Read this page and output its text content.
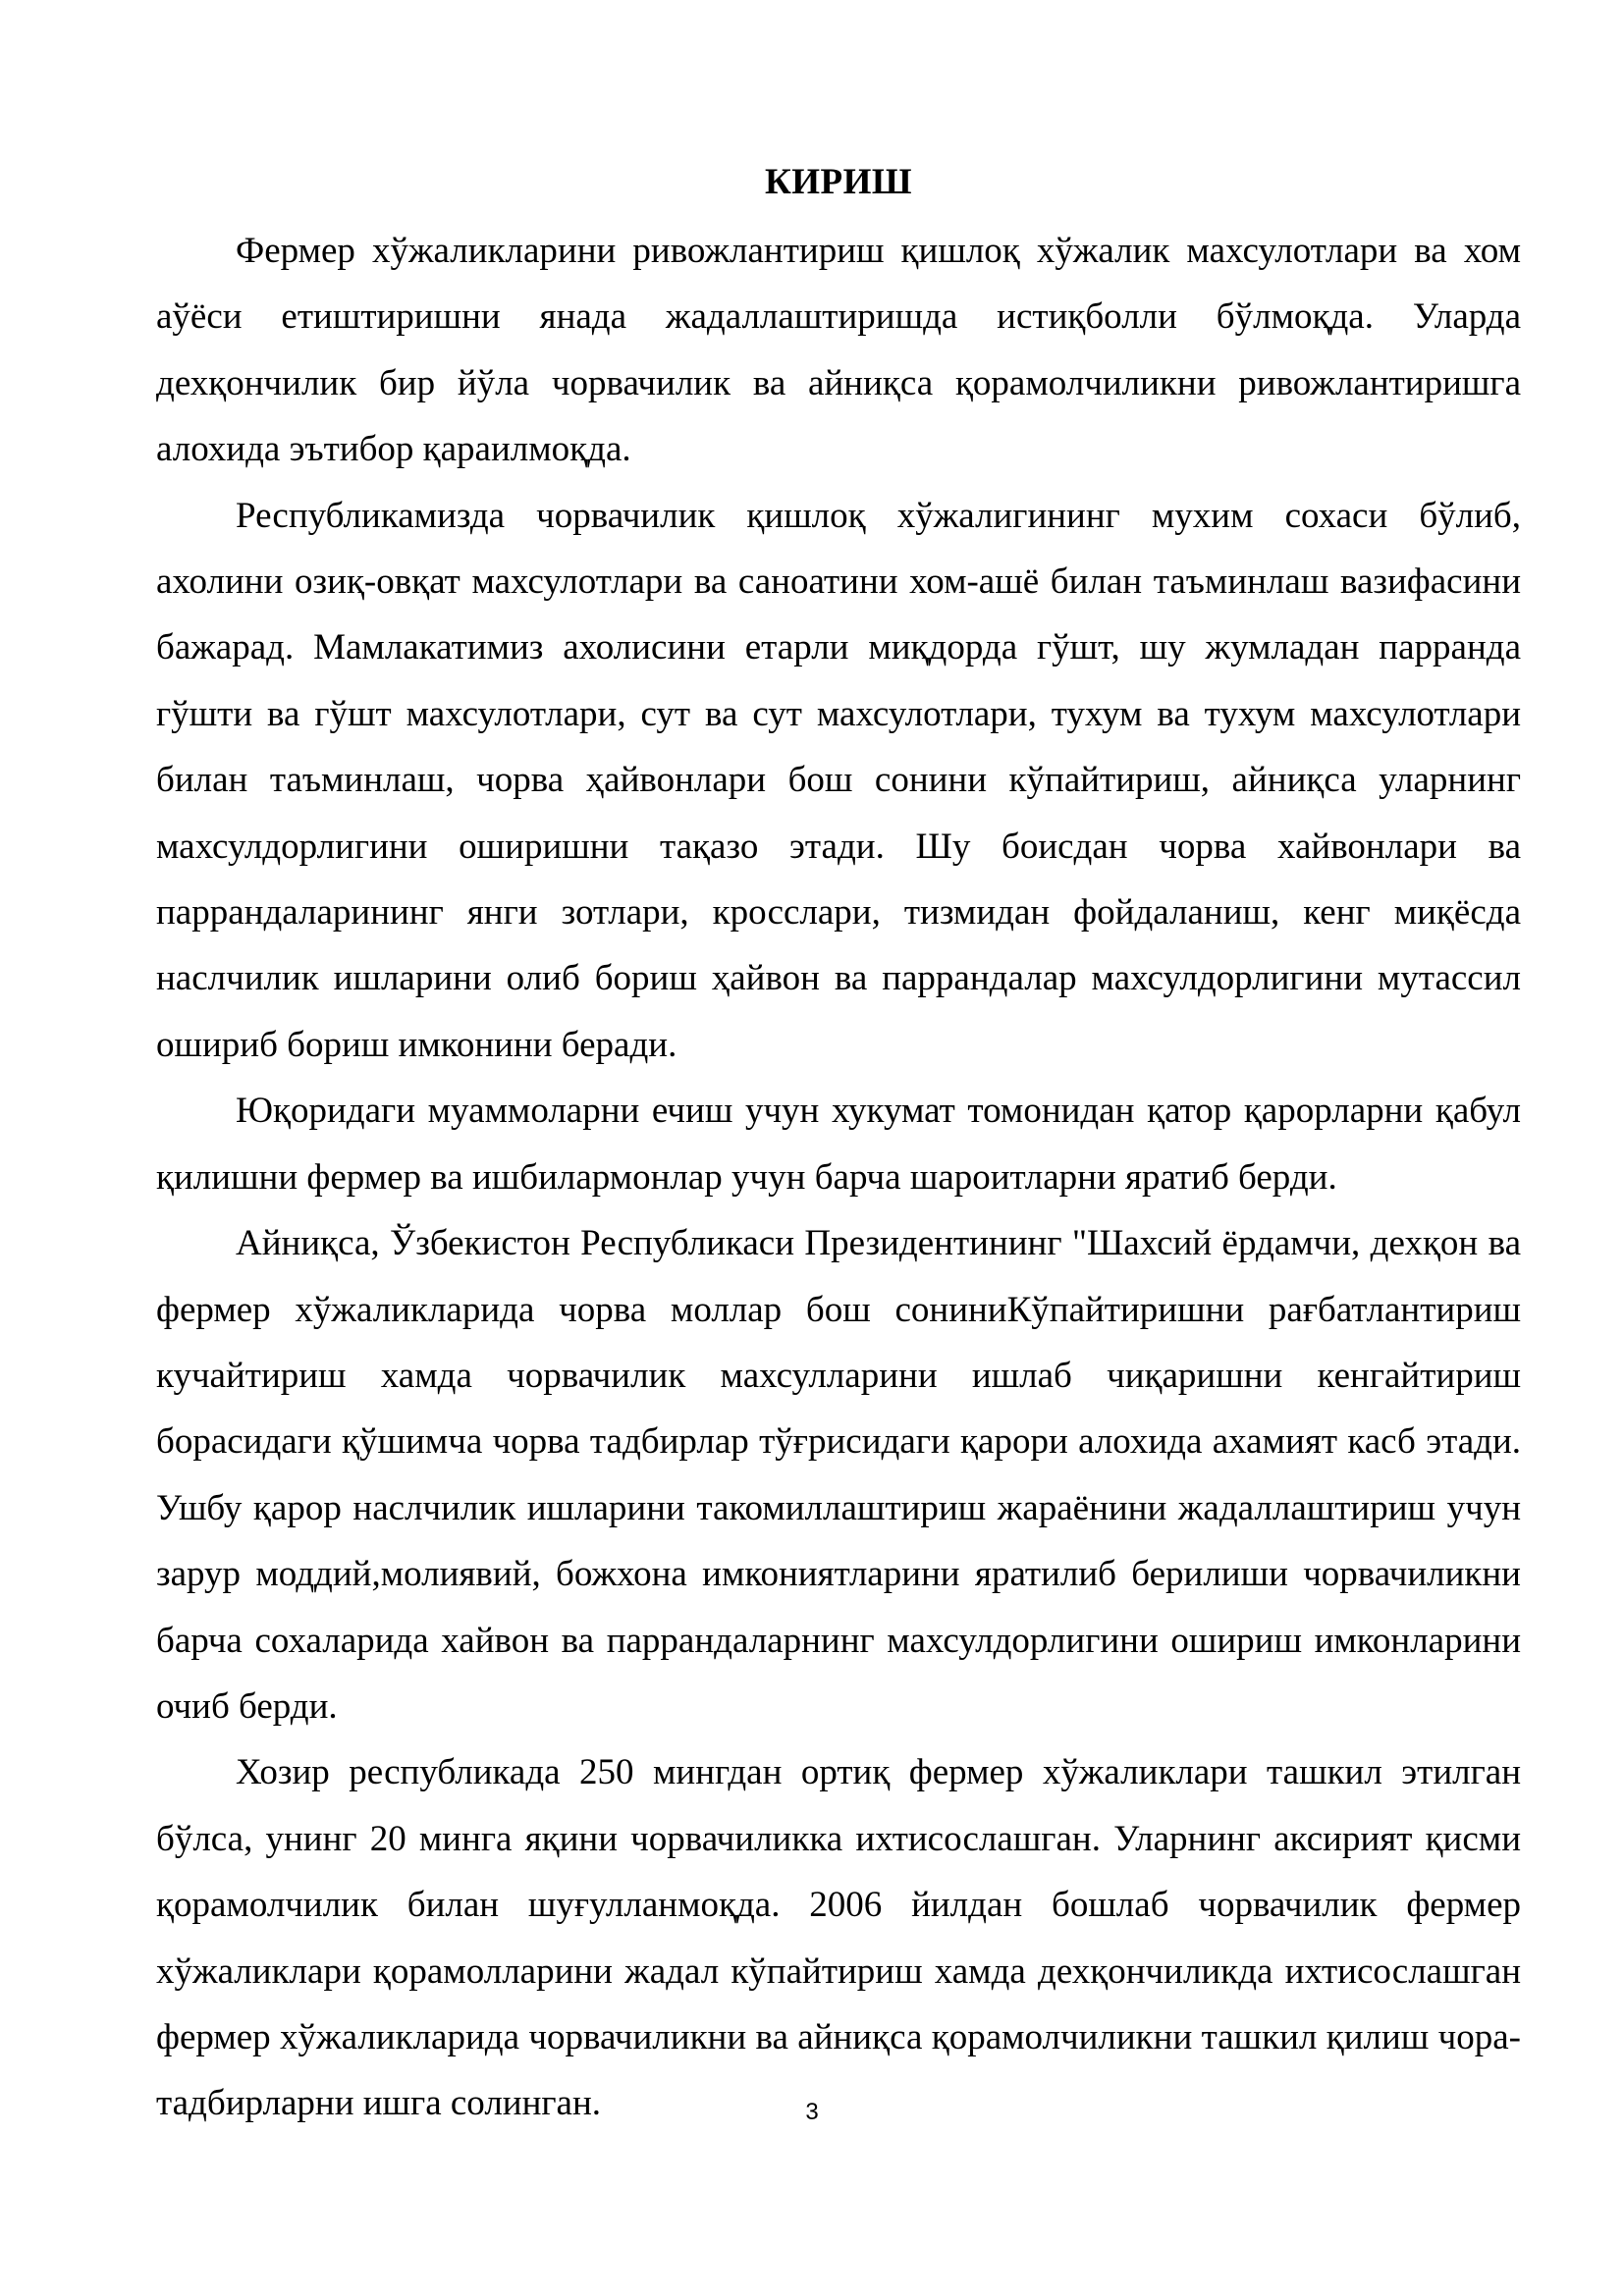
КИРИШ

Фермер хўжаликларини ривожлантириш қишлоқ хўжалик махсулотлари ва хом аўёси етиштиришни янада жадаллаштиришда истиқболли бўлмоқда. Уларда дехқончилик бир йўла чорвачилик ва айниқса қорамолчиликни ривожлантиришга алохида эътибор қараилмоқда.

Республикамизда чорвачилик қишлоқ хўжалигининг мухим сохаси бўлиб, ахолини озиқ-овқат махсулотлари ва саноатини хом-ашё билан таъминлаш вазифасини бажарад. Мамлакатимиз ахолисини етарли миқдорда гўшт, шу жумладан парранда гўшти ва гўшт махсулотлари, сут ва сут махсулотлари, тухум ва тухум махсулотлари билан таъминлаш, чорва ҳайвонлари бош сонини кўпайтириш, айниқса уларнинг махсулдорлигини оширишни тақазо этади. Шу боисдан чорва хайвонлари ва паррандаларининг янги зотлари, кросслари, тизмидан фойдаланиш, кенг миқёсда наслчилик ишларини олиб бориш ҳайвон ва паррандалар махсулдорлигини мутассил ошириб бориш имконини беради.

Юқоридаги муаммоларни ечиш учун хукумат томонидан қатор қарорларни қабул қилишни фермер ва ишбилармонлар учун барча шароитларни яратиб берди.

Айниқса, Ўзбекистон Республикаси Президентининг "Шахсий ёрдамчи, дехқон ва фермер хўжаликларида чорва моллар бош сониниКўпайтиришни рағбатлантириш кучайтириш хамда чорвачилик махсулларини ишлаб чиқаришни кенгайтириш борасидаги қўшимча чорва тадбирлар тўғрисидаги қарори алохида ахамият касб этади. Ушбу қарор наслчилик ишларини такомиллаштириш жараёнини жадаллаштириш учун зарур моддий,молиявий, божхона имкониятларини яратилиб берилиши чорвачиликни барча сохаларида хайвон ва паррандаларнинг махсулдорлигини ошириш имконларини очиб берди.

Хозир республикада 250 мингдан ортиқ фермер хўжаликлари ташкил этилган бўлса, унинг 20 минга яқини чорвачиликка ихтисослашган. Уларнинг аксирият қисми қорамолчилик билан шуғулланмоқда. 2006 йилдан бошлаб чорвачилик фермер хўжаликлари қорамолларини жадал кўпайтириш хамда дехқончиликда ихтисослашган фермер хўжаликларида чорвачиликни ва айниқса қорамолчиликни ташкил қилиш чора-тадбирларни ишга солинган.	3
